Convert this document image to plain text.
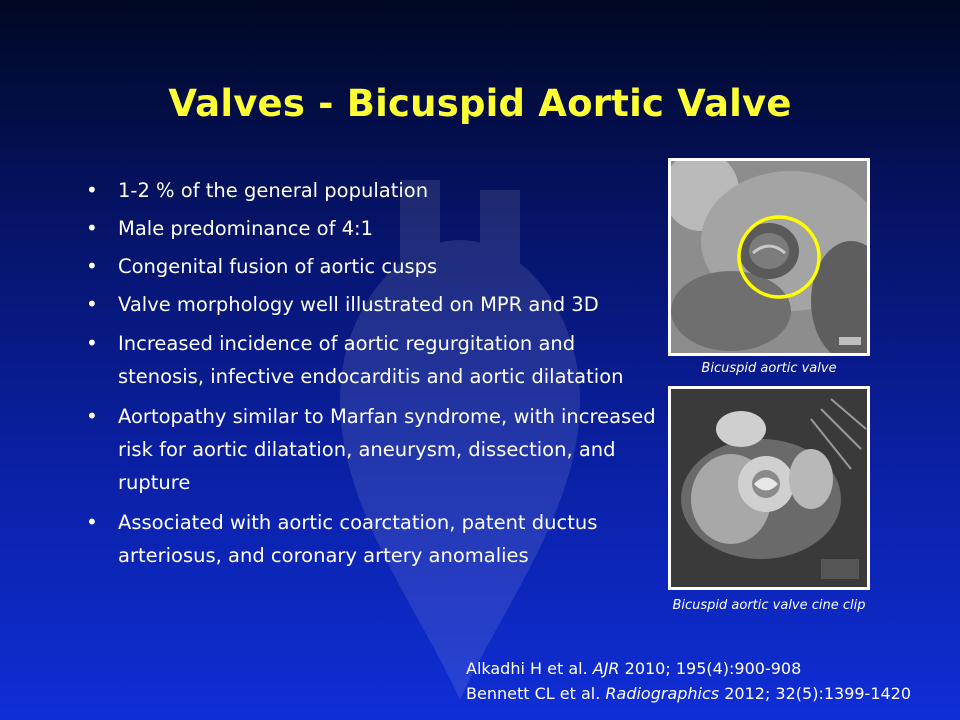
Valves - Bicuspid Aortic Valve
• 1-2 % of the general population
• Male predominance of 4:1
• Congenital fusion of aortic cusps
• Valve morphology well illustrated on MPR and 3D
• Increased incidence of aortic regurgitation and stenosis, infective endocarditis and aortic dilatation
• Aortopathy similar to Marfan syndrome, with increased risk for aortic dilatation, aneurysm, dissection, and rupture
• Associated with aortic coarctation, patent ductus arteriosus, and coronary artery anomalies
Bicuspid aortic valve
Bicuspid aortic valve cine clip
Alkadhi H et al. AJR 2010; 195(4):900-908
Bennett CL et al. Radiographics 2012; 32(5):1399-1420
